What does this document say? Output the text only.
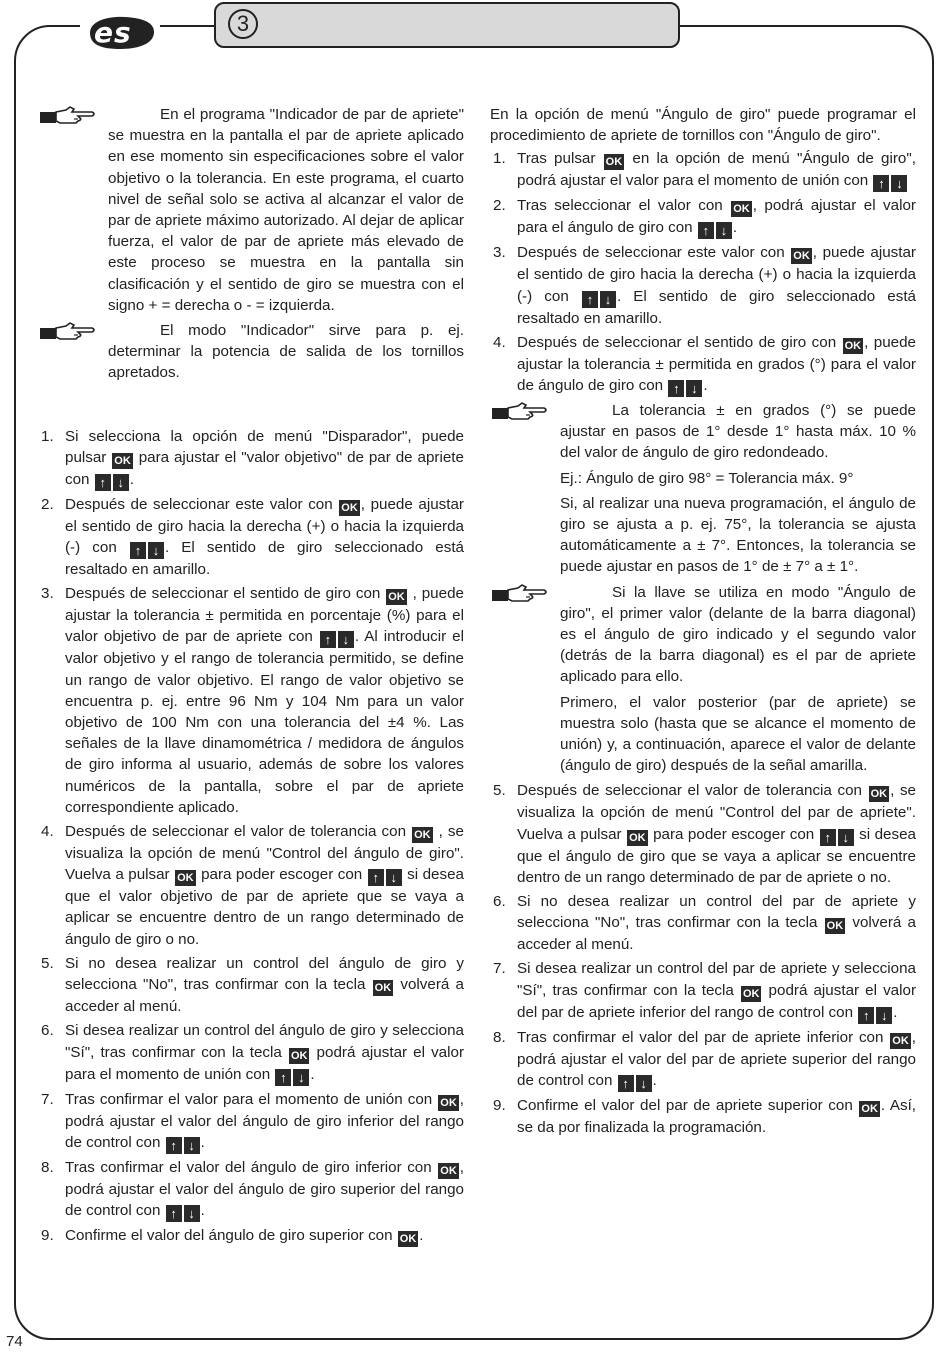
es	3

En el programa "Indicador de par de apriete" se muestra en la pantalla el par de apriete aplicado en ese momento sin especificaciones sobre el valor objetivo o la tolerancia. En este programa, el cuarto nivel de señal solo se activa al alcanzar el valor de par de apriete máximo autorizado. Al dejar de aplicar fuerza, el valor de par de apriete más elevado de este proceso se muestra en la pantalla sin clasificación y el sentido de giro se muestra con el signo + = derecha o - = izquierda.

El modo "Indicador" sirve para p. ej. determinar la potencia de salida de los tornillos apretados.

1. Si selecciona la opción de menú "Disparador", puede pulsar OK para ajustar el "valor objetivo" de par de apriete con ↑ ↓ .
2. Después de seleccionar este valor con OK , puede ajustar el sentido de giro hacia la derecha (+) o hacia la izquierda (-) con ↑ ↓ . El sentido de giro seleccionado está resaltado en amarillo.
3. Después de seleccionar el sentido de giro con OK , puede ajustar la tolerancia ± permitida en porcentaje (%) para el valor objetivo de par de apriete con ↑ ↓ . Al introducir el valor objetivo y el rango de tolerancia permitido, se define un rango de valor objetivo. El rango de valor objetivo se encuentra p. ej. entre 96 Nm y 104 Nm para un valor objetivo de 100 Nm con una tolerancia del ±4 %. Las señales de la llave dinamométrica / medidora de ángulos de giro informa al usuario, además de sobre los valores numéricos de la pantalla, sobre el par de apriete correspondiente aplicado.
4. Después de seleccionar el valor de tolerancia con OK , se visualiza la opción de menú "Control del ángulo de giro". Vuelva a pulsar OK para poder escoger con ↑ ↓ si desea que el valor objetivo de par de apriete que se vaya a aplicar se encuentre dentro de un rango determinado de ángulo de giro o no.
5. Si no desea realizar un control del ángulo de giro y selecciona "No", tras confirmar con la tecla OK volverá a acceder al menú.
6. Si desea realizar un control del ángulo de giro y selecciona "Sí", tras confirmar con la tecla OK podrá ajustar el valor para el momento de unión con ↑ ↓ .
7. Tras confirmar el valor para el momento de unión con OK , podrá ajustar el valor del ángulo de giro inferior del rango de control con ↑ ↓ .
8. Tras confirmar el valor del ángulo de giro inferior con OK , podrá ajustar el valor del ángulo de giro superior del rango de control con ↑ ↓ .
9. Confirme el valor del ángulo de giro superior con OK .

En la opción de menú "Ángulo de giro" puede programar el procedimiento de apriete de tornillos con "Ángulo de giro".

1. Tras pulsar OK en la opción de menú "Ángulo de giro", podrá ajustar el valor para el momento de unión con ↑ ↓
2. Tras seleccionar el valor con OK , podrá ajustar el valor para el ángulo de giro con ↑ ↓ .
3. Después de seleccionar este valor con OK , puede ajustar el sentido de giro hacia la derecha (+) o hacia la izquierda (-) con ↑ ↓ . El sentido de giro seleccionado está resaltado en amarillo.
4. Después de seleccionar el sentido de giro con OK , puede ajustar la tolerancia ± permitida en grados (°) para el valor de ángulo de giro con ↑ ↓ .

La tolerancia ± en grados (°) se puede ajustar en pasos de 1° desde 1° hasta máx. 10 % del valor de ángulo de giro redondeado.

Ej.: Ángulo de giro 98° = Tolerancia máx. 9°

Si, al realizar una nueva programación, el ángulo de giro se ajusta a p. ej. 75°, la tolerancia se ajusta automáticamente a ± 7°. Entonces, la tolerancia se puede ajustar en pasos de 1° de ± 7° a ± 1°.

Si la llave se utiliza en modo "Ángulo de giro", el primer valor (delante de la barra diagonal) es el ángulo de giro indicado y el segundo valor (detrás de la barra diagonal) es el par de apriete aplicado para ello.

Primero, el valor posterior (par de apriete) se muestra solo (hasta que se alcance el momento de unión) y, a continuación, aparece el valor de delante (ángulo de giro) después de la señal amarilla.

5. Después de seleccionar el valor de tolerancia con OK , se visualiza la opción de menú "Control del par de apriete". Vuelva a pulsar OK para poder escoger con ↑ ↓ si desea que el ángulo de giro que se vaya a aplicar se encuentre dentro de un rango determinado de par de apriete o no.
6. Si no desea realizar un control del par de apriete y selecciona "No", tras confirmar con la tecla OK volverá a acceder al menú.
7. Si desea realizar un control del par de apriete y selecciona "Sí", tras confirmar con la tecla OK podrá ajustar el valor del par de apriete inferior del rango de control con ↑ ↓ .
8. Tras confirmar el valor del par de apriete inferior con OK , podrá ajustar el valor del par de apriete superior del rango de control con ↑ ↓ .
9. Confirme el valor del par de apriete superior con OK . Así, se da por finalizada la programación.
74
